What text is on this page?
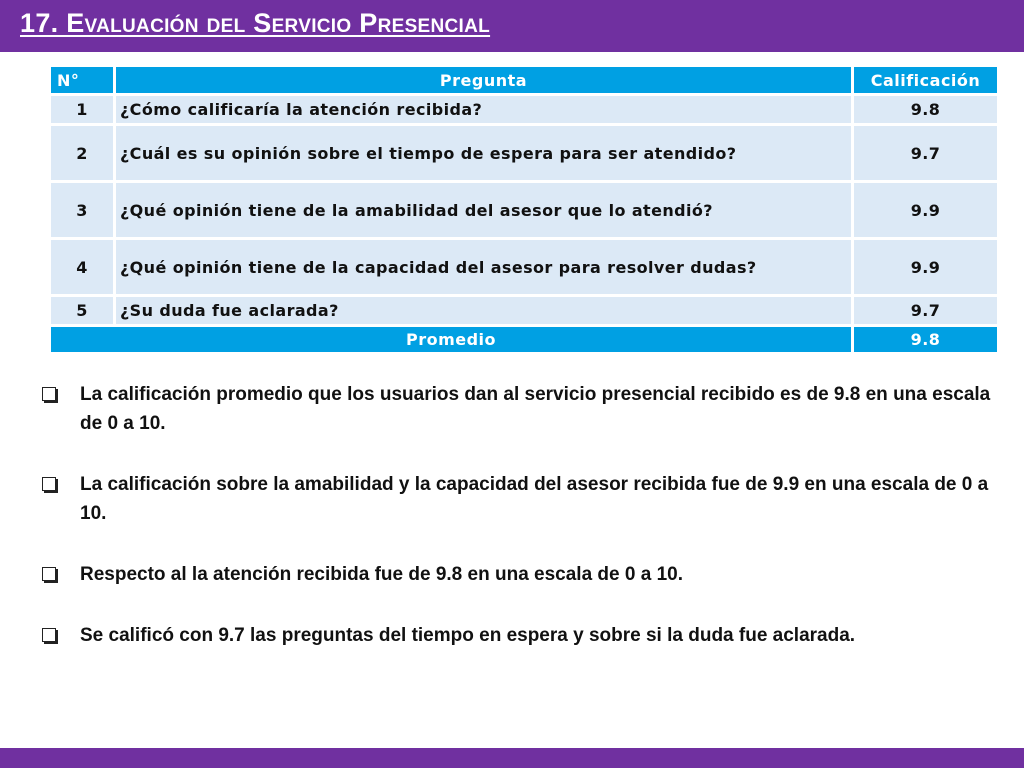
17. Evaluación del Servicio Presencial
N°	Pregunta	Calificación
1	¿Cómo calificaría la atención recibida?	9.8
2	¿Cuál es su opinión sobre el tiempo de espera para ser atendido?	9.7
3	¿Qué opinión tiene de la amabilidad del asesor que lo atendió?	9.9
4	¿Qué opinión tiene de la capacidad del asesor para resolver dudas?	9.9
5	¿Su duda fue aclarada?	9.7
Promedio		9.8
La calificación promedio que los usuarios dan al servicio presencial recibido es de 9.8 en una escala de 0 a 10.
La calificación sobre la amabilidad y la capacidad del asesor recibida fue de 9.9 en una escala de 0 a 10.
Respecto al la atención recibida fue de 9.8 en una escala de 0 a 10.
Se calificó con 9.7 las preguntas del tiempo en espera y sobre si la duda fue aclarada.
